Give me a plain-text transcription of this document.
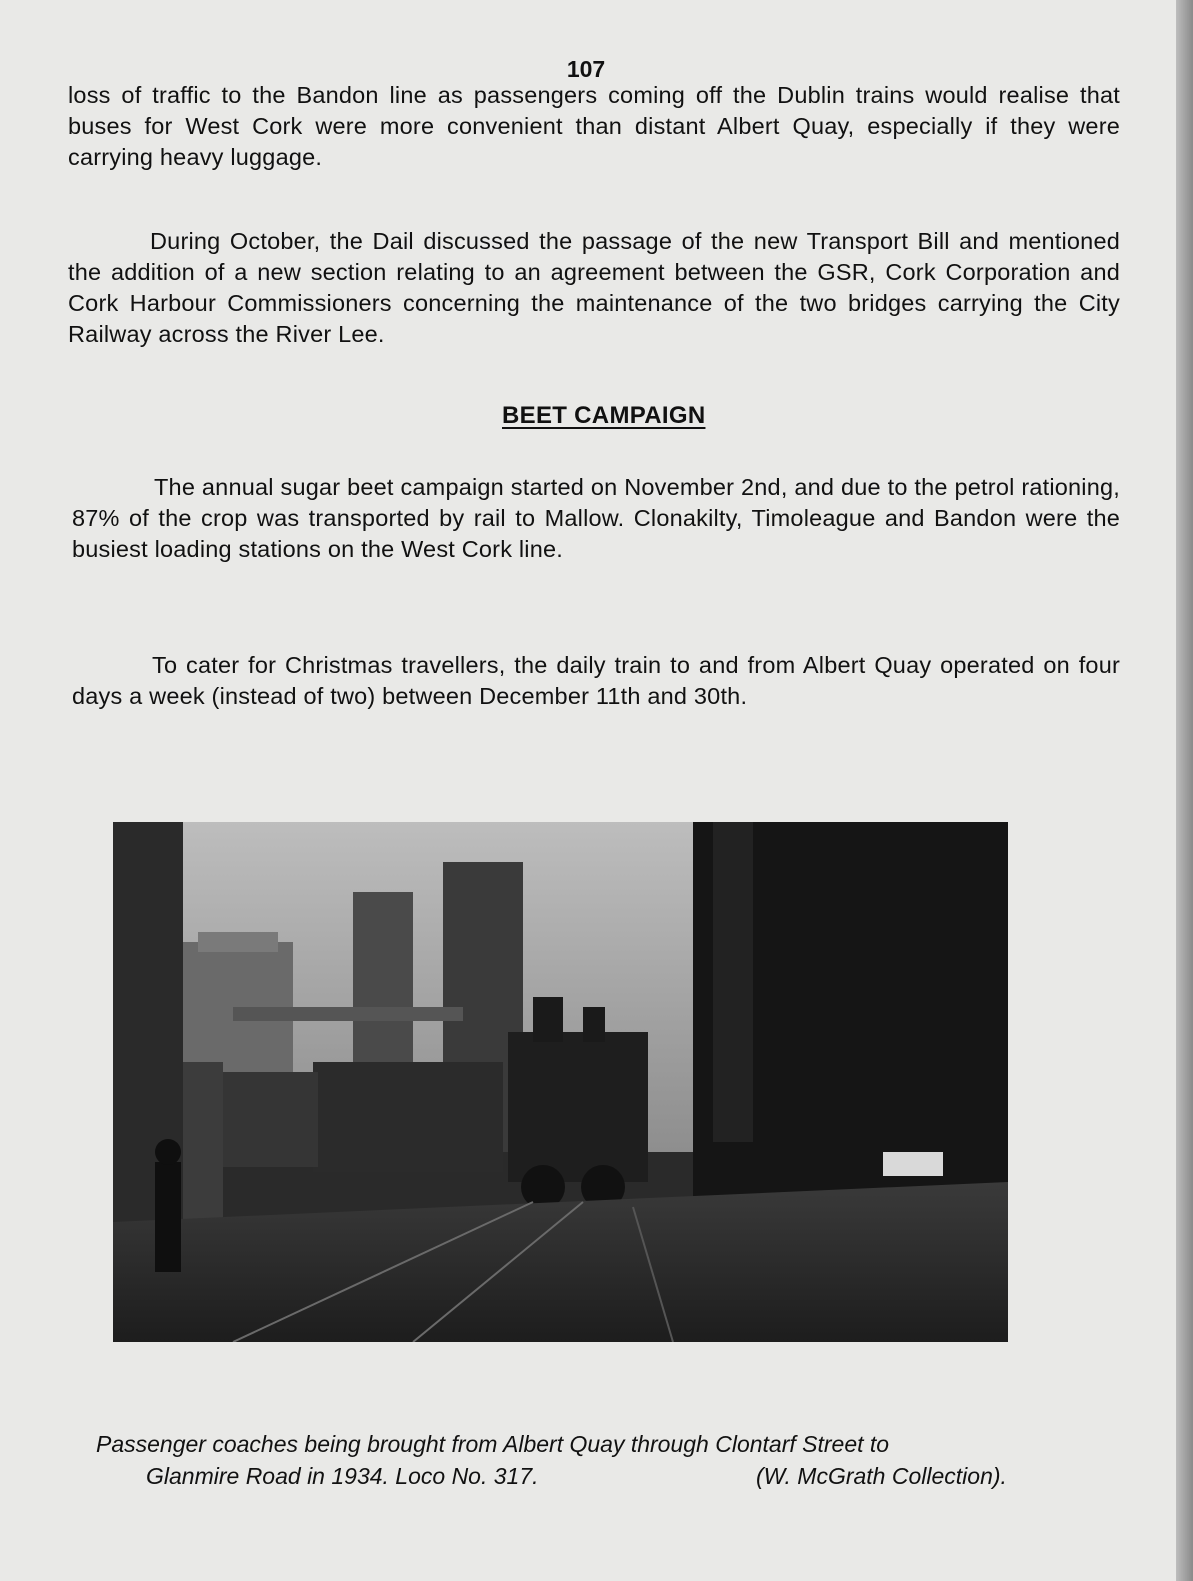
107
loss of traffic to the Bandon line as passengers coming off the Dublin trains would realise that buses for West Cork were more convenient than distant Albert Quay, especially if they were carrying heavy luggage.
During October, the Dail discussed the passage of the new Transport Bill and mentioned the addition of a new section relating to an agreement between the GSR, Cork Corporation and Cork Harbour Commissioners concerning the maintenance of the two bridges carrying the City Railway across the River Lee.
BEET CAMPAIGN
The annual sugar beet campaign started on November 2nd, and due to the petrol rationing, 87% of the crop was transported by rail to Mallow. Clonakilty, Timoleague and Bandon were the busiest loading stations on the West Cork line.
To cater for Christmas travellers, the daily train to and from Albert Quay operated on four days a week (instead of two) between December 11th and 30th.
Passenger coaches being brought from Albert Quay through Clontarf Street to
Glanmire Road in 1934. Loco No. 317.	(W. McGrath Collection).
